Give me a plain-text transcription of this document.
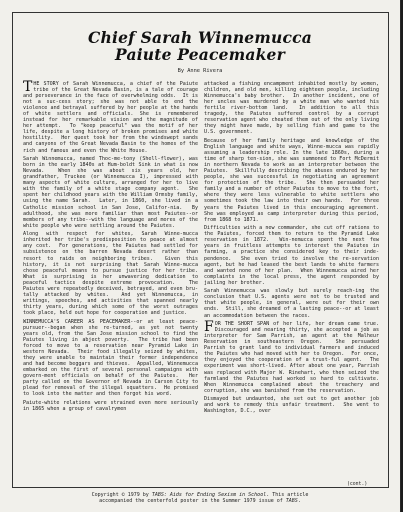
Chief Sarah Winnemucca
Paiute Peacemaker
By Anne Rivera

THE STORY of Sarah Winnemucca, a chief of the Paiute tribe of the Great Nevada Basin, is a tale of courage and perseverance in the face of overwhelming odds.  It is not a suc-cess story; she was not able to end the violence and betrayal suffered by her people at the hands of white settlers and officials. She is remembered instead for her remarkable vision and the magnitude of her attempt.  To "keep peaceful" was the motif of her life, despite a long history of broken promises and white hostility.  Her quest took her from the windswept sands and canyons of the Great Nevada Basin to the homes of the rich and famous and even the White House.

Sarah Winnemucca, named Thoc-me-tony (Shell-flower), was born in the early 1840s at Hum-boldt Sink in what is now Nevada.  When she was about six years old, her grandfather, Truckee (or Winnemucca I), impressed with many aspects of white culture, arranged for her to live with the family of a white stage company agent.  She spent her childhood years with the William Ormsby family, using the name Sarah.  Later, in 1860, she lived in a Catholic mission school in San Jose, Califor-nia.  By adulthood, she was more familiar than most Paiutes--or members of any tribe--with the language and mores of the white people who were settling around the Paiutes.

Along with respect for whites, Sarah Winne-mucca inherited her tribe's predisposition to peace at almost any cost.  For generations, the Paiutes had settled for subsistence on the barren Nevada desert rather than resort to raids on neighboring tribes.  Given this history, it is not surprising that Sarah Winne-mucca chose peaceful means to pursue justice for her tribe.  What is surprising is her unwavering dedication to peaceful tactics despite extreme provocation.  The Paiutes were repeatedly deceived, betrayed, and even bru-tally attacked by whites.  And yet Winnemucca, in writings, speeches, and activities that spanned nearly thirty years, during which some of the worst outrages took place, held out hope for cooperation and justice.

WINNEMUCCA'S CAREER AS PEACEMAKER--or at least peace-pursuer--began when she re-turned, as yet not twenty years old, from the San Jose mission school to find the Paiutes living in abject poverty.  The tribe had been forced to move to a reservation near Pyramid Lake in western Nevada.  Their food illegally seized by whites, they were unable to maintain their former independence and had become beggars and thieves.  Appalled, Winnemucca embarked on the first of several personal campaigns with govern-ment officials on behalf of the Paiutes.  Her party called on the Governor of Nevada in Carson City to plead for removal of the illegal squatters.  He promised to look into the matter and then forgot his word.

Paiute-white relations were strained even more seriously in 1865 when a group of cavalrymen

attacked a fishing encampment inhabited mostly by women, children, and old men, killing eighteen people, including Winnemucca's baby brother.  In another incident, one of her uncles was murdered by a white man who wanted his fertile river-bottom land.  In addition to all this tragedy, the Paiutes suffered control by a corrupt reservation agent who cheated them out of the only living they might have made, by selling fish and game to the U.S. government.

Because of her family heritage and knowledge of the English language and white ways, Winne-mucca was rapidly assuming a leadership role. In the late 1860s, during a time of sharp ten-sion, she was summoned to Fort McDermit in northern Nevada to work as an interpreter between the Paiutes.  Skillfully describing the abuses endured by her people, she was successful in negotiating an agreement for protection of the tribe.  She then persuaded her family and a number of other Paiutes to move to the fort, where they were less vulnerable to white settlers who sometimes took the law into their own hands.  For three years the Paiutes lived in this encouraging agreement.  She was employed as camp interpreter during this period, from 1868 to 1871.

Difficulties with a new commander, she cut off rations to the Paiutes, forced them to return to the Pyramid Lake reservation in 1872.  Win-nemucca spent the next few years in fruitless attempts to interest the Paiutes in farming, a practice she considered key to their inde-pendence.  She even tried to involve the re-servation agent, but he had leased the best lands to white farmers and wanted none of her plan.  When Winnemucca aired her complaints in the local press, the agent responded by jailing her brother.

Sarah Winnemucca was slowly but surely reach-ing the conclusion that U.S. agents were not to be trusted and that white people, in general, were out for their own ends.  Still, she dreamed of a lasting peace--or at least an accommodation between the races.

FOR THE SHORT SPAN of her life, her dream came true.  Discouraged and nearing thirty, she accepted a job as interpreter for Sam Parrish, an agent at the Malheur Reservation in southeastern Oregon.  She persuaded Parrish to grant land to individual farmers and induced the Paiutes who had moved with her to Oregon.  For once, they enjoyed the cooperation of a trust-ful agent.  The experiment was short-lived. After about one year, Parrish was replaced with Major W. Rinehart, who then seized the farmland the Paiutes had worked so hard to cultivate.  When Winnemucca complained about the treachery and corruption, she was banished from the reservation.

Dismayed but undaunted, she set out to get another job and work to remedy this unfair treatment.  She went to Washington, D.C., over

(cont.)
Copyright © 1979 by TABS: Aids for Ending Sexism in School. This article
accompanied the centerfold poster in the Summer 1979 issue of TABS.
